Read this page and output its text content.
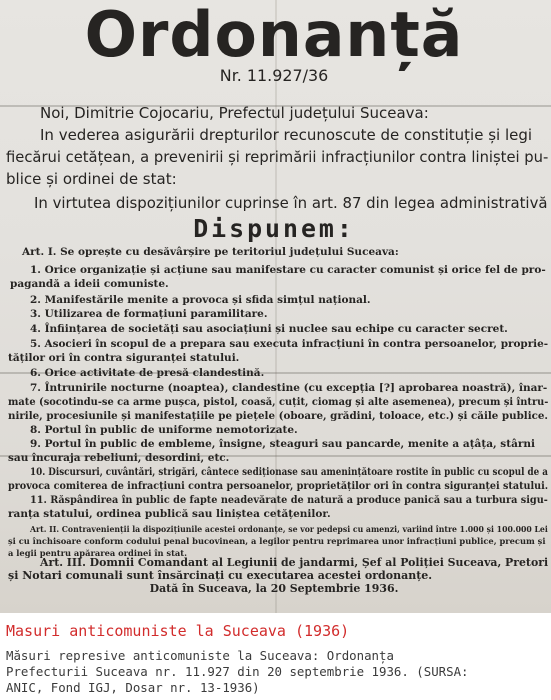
Ordonanță
Nr. 11.927/36
Noi, Dimitrie Cojocariu, Prefectul județului Suceava:
In vederea asigurării drepturilor recunoscute de constituție și legi
fiecărui cetățean, a prevenirii și reprimării infracțiunilor contra liniștei pu-
blice și ordinei de stat:
In virtutea dispozițiunilor cuprinse în art. 87 din legea administrativă
Dispunem:
Art. I. Se oprește cu desăvârșire pe teritoriul județului Suceava:
1. Orice organizație și acțiune sau manifestare cu caracter comunist și orice fel de pro-
pagandă a ideii comuniste.
2. Manifestările menite a provoca și sfida simțul național.
3. Utilizarea de formațiuni paramilitare.
4. Înființarea de societăți sau asociațiuni și nuclee sau echipe cu caracter secret.
5. Asocieri în scopul de a prepara sau executa infracțiuni în contra persoanelor, proprie-
tăților ori în contra siguranței statului.
6. Orice activitate de presă clandestină.
7. Întrunirile nocturne (noaptea), clandestine (cu excepția [?] aprobarea noastră), înar-
mate (socotindu-se ca arme pușca, pistol, coasă, cuțit, ciomag și alte asemenea), precum și întru-
nirile, procesiunile și manifestațiile pe piețele (oboare, grădini, toloace, etc.) și căile publice.
8. Portul în public de uniforme nemotorizate.
9. Portul în public de embleme, însigne, steaguri sau pancarde, menite a ațâța, stârni
sau încuraja rebeliuni, desordini, etc.
10. Discursuri, cuvântări, strigări, cântece sediționase sau amenințătoare rostite în public cu scopul de a
provoca comiterea de infracțiuni contra persoanelor, proprietăților ori în contra siguranței statului.
11. Răspândirea în public de fapte neadevărate de natură a produce panică sau a turbura sigu-
ranța statului, ordinea publică sau liniștea cetățenilor.
Art. II. Contravenienții la dispozițiunile acestei ordonanțe, se vor pedepsi cu amenzi, variind între 1.000 și 100.000 Lei
și cu închisoare conform codului penal bucovinean, a legilor pentru reprimarea unor infracțiuni publice, precum și
a legii pentru apărarea ordinei în stat.
Art. III. Domnii Comandant al Legiunii de jandarmi, Șef al Poliției Suceava, Pretori
și Notari comunali sunt însărcinați cu executarea acestei ordonanțe.
Dată în Suceava, la 20 Septembrie 1936.
Masuri anticomuniste la Suceava (1936)
Măsuri represive anticomuniste la Suceava: Ordonanța
Prefecturii Suceava nr. 11.927 din 20 septembrie 1936. (SURSA:
ANIC, Fond IGJ, Dosar nr. 13-1936)
